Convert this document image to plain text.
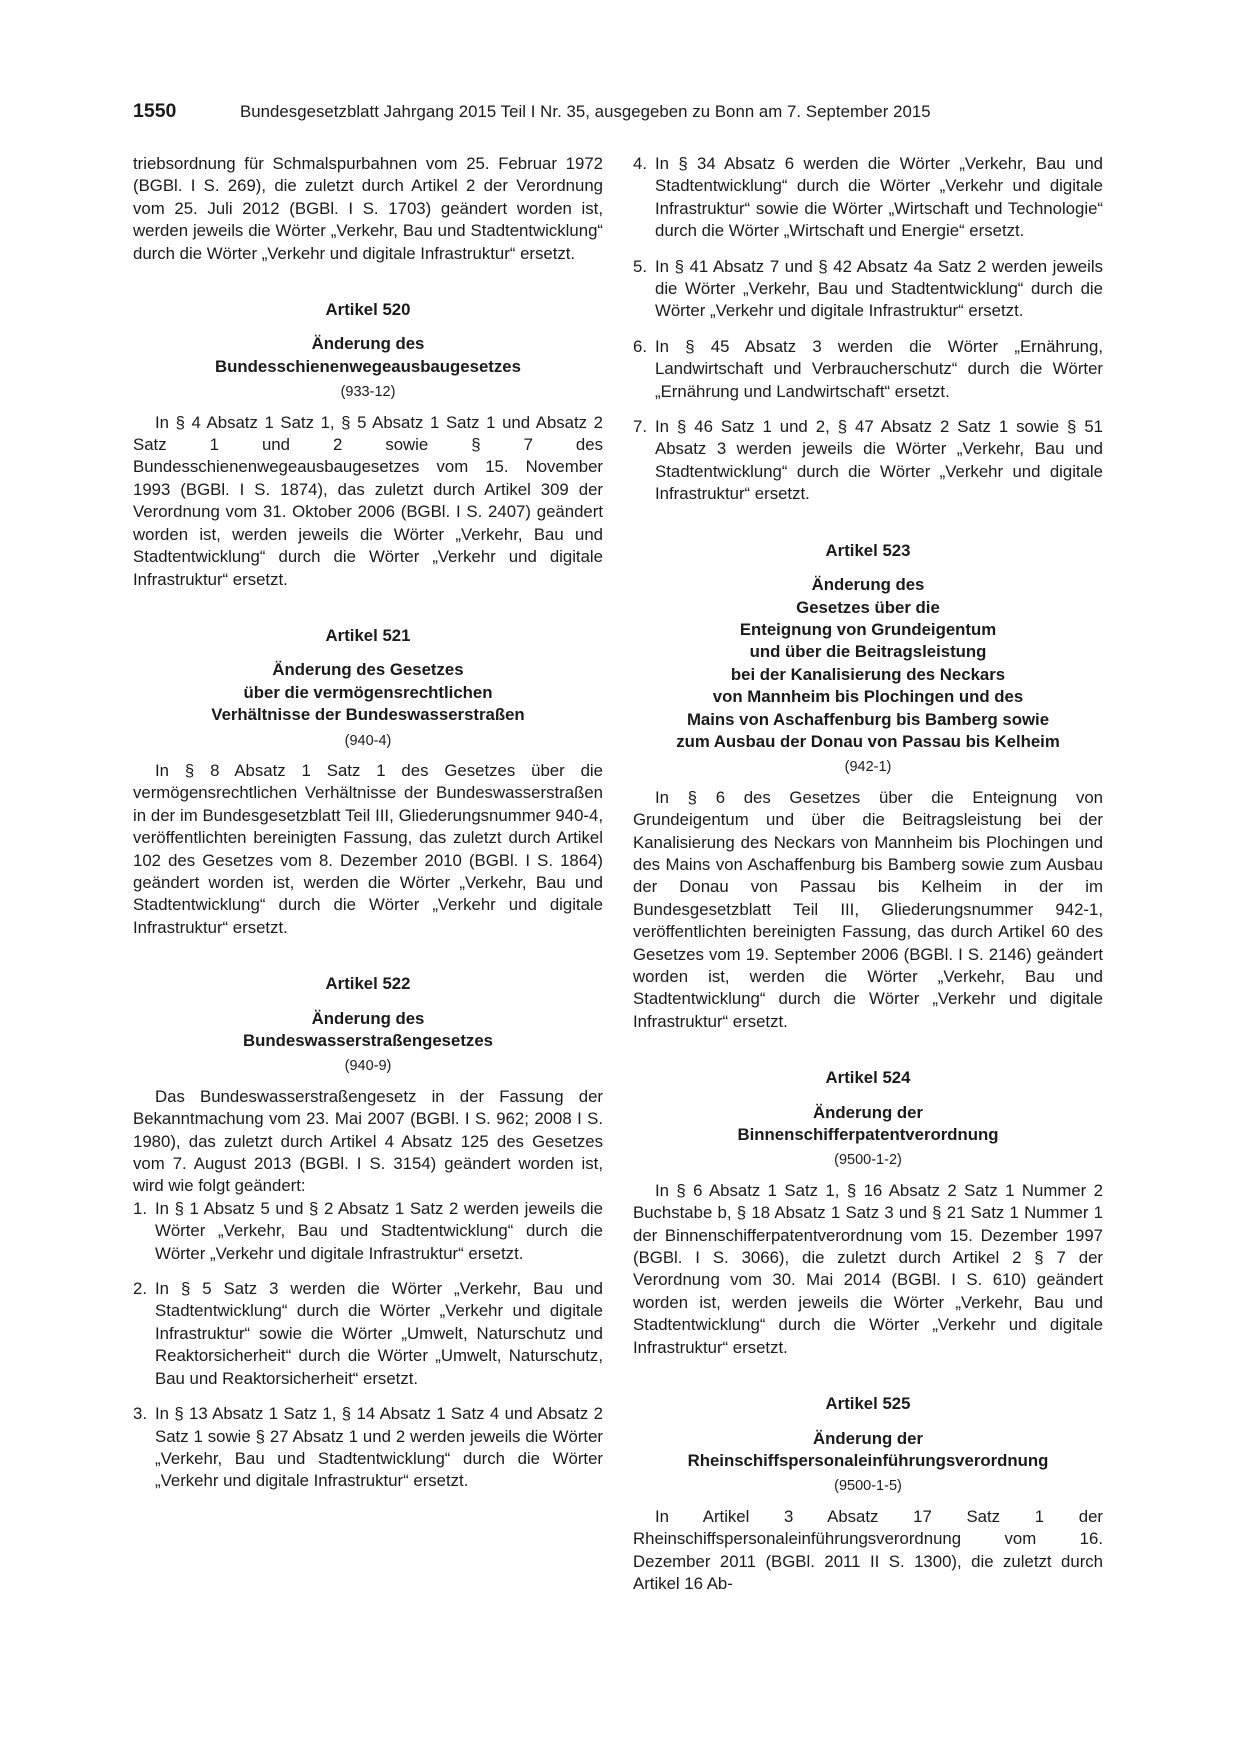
1550	Bundesgesetzblatt Jahrgang 2015 Teil I Nr. 35, ausgegeben zu Bonn am 7. September 2015

triebsordnung für Schmalspurbahnen vom 25. Februar 1972 (BGBl. I S. 269), die zuletzt durch Artikel 2 der Verordnung vom 25. Juli 2012 (BGBl. I S. 1703) geändert worden ist, werden jeweils die Wörter „Verkehr, Bau und Stadtentwicklung“ durch die Wörter „Verkehr und digitale Infrastruktur“ ersetzt.

Artikel 520
Änderung des
Bundesschienenwegeausbaugesetzes
(933-12)

In § 4 Absatz 1 Satz 1, § 5 Absatz 1 Satz 1 und Absatz 2 Satz 1 und 2 sowie § 7 des Bundesschienenwegeausbaugesetzes vom 15. November 1993 (BGBl. I S. 1874), das zuletzt durch Artikel 309 der Verordnung vom 31. Oktober 2006 (BGBl. I S. 2407) geändert worden ist, werden jeweils die Wörter „Verkehr, Bau und Stadtentwicklung“ durch die Wörter „Verkehr und digitale Infrastruktur“ ersetzt.

Artikel 521
Änderung des Gesetzes
über die vermögensrechtlichen
Verhältnisse der Bundeswasserstraßen
(940-4)

In § 8 Absatz 1 Satz 1 des Gesetzes über die vermögensrechtlichen Verhältnisse der Bundeswasserstraßen in der im Bundesgesetzblatt Teil III, Gliederungsnummer 940-4, veröffentlichten bereinigten Fassung, das zuletzt durch Artikel 102 des Gesetzes vom 8. Dezember 2010 (BGBl. I S. 1864) geändert worden ist, werden die Wörter „Verkehr, Bau und Stadtentwicklung“ durch die Wörter „Verkehr und digitale Infrastruktur“ ersetzt.

Artikel 522
Änderung des
Bundeswasserstraßengesetzes
(940-9)

Das Bundeswasserstraßengesetz in der Fassung der Bekanntmachung vom 23. Mai 2007 (BGBl. I S. 962; 2008 I S. 1980), das zuletzt durch Artikel 4 Absatz 125 des Gesetzes vom 7. August 2013 (BGBl. I S. 3154) geändert worden ist, wird wie folgt geändert:

1. In § 1 Absatz 5 und § 2 Absatz 1 Satz 2 werden jeweils die Wörter „Verkehr, Bau und Stadtentwicklung“ durch die Wörter „Verkehr und digitale Infrastruktur“ ersetzt.
2. In § 5 Satz 3 werden die Wörter „Verkehr, Bau und Stadtentwicklung“ durch die Wörter „Verkehr und digitale Infrastruktur“ sowie die Wörter „Umwelt, Naturschutz und Reaktorsicherheit“ durch die Wörter „Umwelt, Naturschutz, Bau und Reaktorsicherheit“ ersetzt.
3. In § 13 Absatz 1 Satz 1, § 14 Absatz 1 Satz 4 und Absatz 2 Satz 1 sowie § 27 Absatz 1 und 2 werden jeweils die Wörter „Verkehr, Bau und Stadtentwicklung“ durch die Wörter „Verkehr und digitale Infrastruktur“ ersetzt.
4. In § 34 Absatz 6 werden die Wörter „Verkehr, Bau und Stadtentwicklung“ durch die Wörter „Verkehr und digitale Infrastruktur“ sowie die Wörter „Wirtschaft und Technologie“ durch die Wörter „Wirtschaft und Energie“ ersetzt.
5. In § 41 Absatz 7 und § 42 Absatz 4a Satz 2 werden jeweils die Wörter „Verkehr, Bau und Stadtentwicklung“ durch die Wörter „Verkehr und digitale Infrastruktur“ ersetzt.
6. In § 45 Absatz 3 werden die Wörter „Ernährung, Landwirtschaft und Verbraucherschutz“ durch die Wörter „Ernährung und Landwirtschaft“ ersetzt.
7. In § 46 Satz 1 und 2, § 47 Absatz 2 Satz 1 sowie § 51 Absatz 3 werden jeweils die Wörter „Verkehr, Bau und Stadtentwicklung“ durch die Wörter „Verkehr und digitale Infrastruktur“ ersetzt.
Artikel 523
Änderung des
Gesetzes über die
Enteignung von Grundeigentum
und über die Beitragsleistung
bei der Kanalisierung des Neckars
von Mannheim bis Plochingen und des
Mains von Aschaffenburg bis Bamberg sowie
zum Ausbau der Donau von Passau bis Kelheim
(942-1)

In § 6 des Gesetzes über die Enteignung von Grundeigentum und über die Beitragsleistung bei der Kanalisierung des Neckars von Mannheim bis Plochingen und des Mains von Aschaffenburg bis Bamberg sowie zum Ausbau der Donau von Passau bis Kelheim in der im Bundesgesetzblatt Teil III, Gliederungsnummer 942-1, veröffentlichten bereinigten Fassung, das durch Artikel 60 des Gesetzes vom 19. September 2006 (BGBl. I S. 2146) geändert worden ist, werden die Wörter „Verkehr, Bau und Stadtentwicklung“ durch die Wörter „Verkehr und digitale Infrastruktur“ ersetzt.

Artikel 524
Änderung der
Binnenschifferpatentverordnung
(9500-1-2)

In § 6 Absatz 1 Satz 1, § 16 Absatz 2 Satz 1 Nummer 2 Buchstabe b, § 18 Absatz 1 Satz 3 und § 21 Satz 1 Nummer 1 der Binnenschifferpatentverordnung vom 15. Dezember 1997 (BGBl. I S. 3066), die zuletzt durch Artikel 2 § 7 der Verordnung vom 30. Mai 2014 (BGBl. I S. 610) geändert worden ist, werden jeweils die Wörter „Verkehr, Bau und Stadtentwicklung“ durch die Wörter „Verkehr und digitale Infrastruktur“ ersetzt.

Artikel 525
Änderung der
Rheinschiffspersonaleinführungsverordnung
(9500-1-5)

In Artikel 3 Absatz 17 Satz 1 der Rheinschiffspersonaleinführungsverordnung vom 16. Dezember 2011 (BGBl. 2011 II S. 1300), die zuletzt durch Artikel 16 Ab-
